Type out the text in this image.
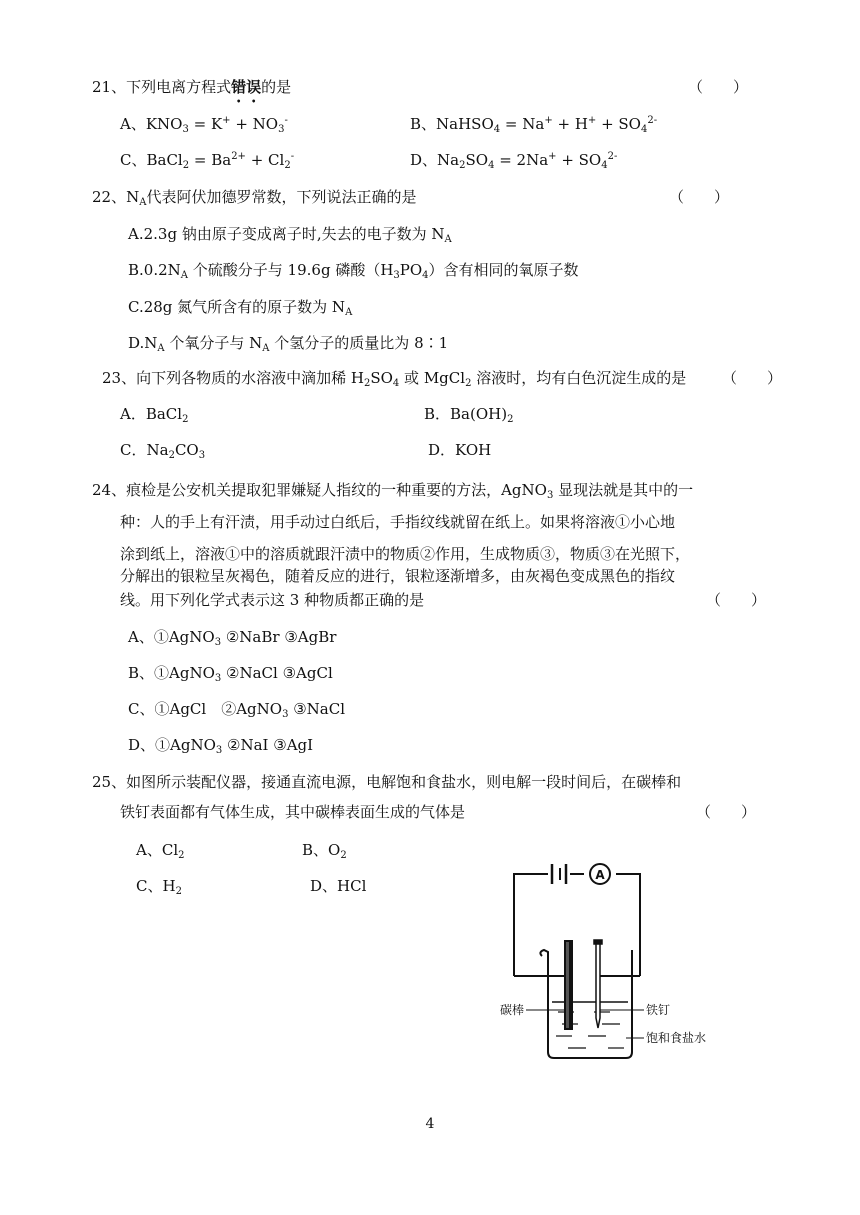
21、下列电离方程式错误的是	（　　）
A、$KNO_3 = K^+ + NO_3^-$	B、NaHSO$_4$ = $Na^+ + H^+ + SO_4^{2-}$
C、BaCl$_2$ = $Ba^{2+} + Cl_2^-$	D、$Na_2SO_4 = 2Na^+ + SO_4^{2-}$
22、$N_A$代表阿伏加德罗常数，下列说法正确的是	（　　）
A.2.3g 钠由原子变成离子时,失去的电子数为 $N_A$
$B.0.2N_A$ 个硫酸分子与 19.6g 磷酸$(H_3PO_4)$含有相同的氧原子数
C.28g 氮气所含有的原子数为 $N_A$
$D.N_A$ 个氧分子与 $N_A$ 个氢分子的质量比为 8∶1
23、向下列各物质的水溶液中滴加稀 $H_2SO_4$ 或 MgCl$_2$ 溶液时，均有白色沉淀生成的是 （　　）
A．BaCl$_2$	B．$Ba(OH)_2$
C．$Na_2CO_3$	D．KOH
24、痕检是公安机关提取犯罪嫌疑人指纹的一种重要的方法，AgNO$_3$ 显现法就是其中的一
种：人的手上有汗渍，用手动过白纸后，手指纹线就留在纸上。如果将溶液①小心地
涂到纸上，溶液①中的溶质就跟汗渍中的物质②作用，生成物质③，物质③在光照下，
分解出的银粒呈灰褐色，随着反应的进行，银粒逐渐增多，由灰褐色变成黑色的指纹
线。用下列化学式表示这 3 种物质都正确的是	（　　）
A、①AgNO$_3$ ②NaBr ③AgBr
B、①AgNO$_3$ ②NaCl ③AgCl
C、①AgCl　②AgNO$_3$ ③NaCl
D、①AgNO$_3$ ②NaI ③AgI
25、如图所示装配仪器，接通直流电源，电解饱和食盐水，则电解一段时间后，在碳棒和
铁钉表面都有气体生成，其中碳棒表面生成的气体是	（　　）
A、$Cl_2$	B、$O_2$
C、$H_2$	D、HCl
A
碳棒	铁钉
饱和食盐水
4
